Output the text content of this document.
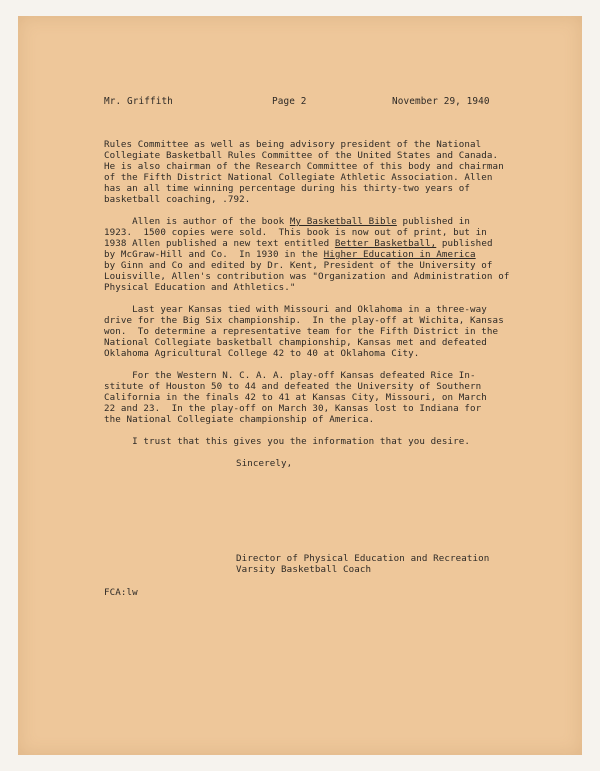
Mr. Griffith	Page 2	November 29, 1940
Rules Committee as well as being advisory president of the National
Collegiate Basketball Rules Committee of the United States and Canada.
He is also chairman of the Research Committee of this body and chairman
of the Fifth District National Collegiate Athletic Association. Allen
has an all time winning percentage during his thirty-two years of
basketball coaching, .792.
Allen is author of the book My Basketball Bible published in
1923.  1500 copies were sold.  This book is now out of print, but in
1938 Allen published a new text entitled Better Basketball, published
by McGraw-Hill and Co.  In 1930 in the Higher Education in America
by Ginn and Co and edited by Dr. Kent, President of the University of
Louisville, Allen's contribution was "Organization and Administration of
Physical Education and Athletics."
Last year Kansas tied with Missouri and Oklahoma in a three-way
drive for the Big Six championship.  In the play-off at Wichita, Kansas
won.  To determine a representative team for the Fifth District in the
National Collegiate basketball championship, Kansas met and defeated
Oklahoma Agricultural College 42 to 40 at Oklahoma City.
For the Western N. C. A. A. play-off Kansas defeated Rice In-
stitute of Houston 50 to 44 and defeated the University of Southern
California in the finals 42 to 41 at Kansas City, Missouri, on March
22 and 23.  In the play-off on March 30, Kansas lost to Indiana for
the National Collegiate championship of America.
I trust that this gives you the information that you desire.
Sincerely,
Director of Physical Education and Recreation
Varsity Basketball Coach
FCA:lw
